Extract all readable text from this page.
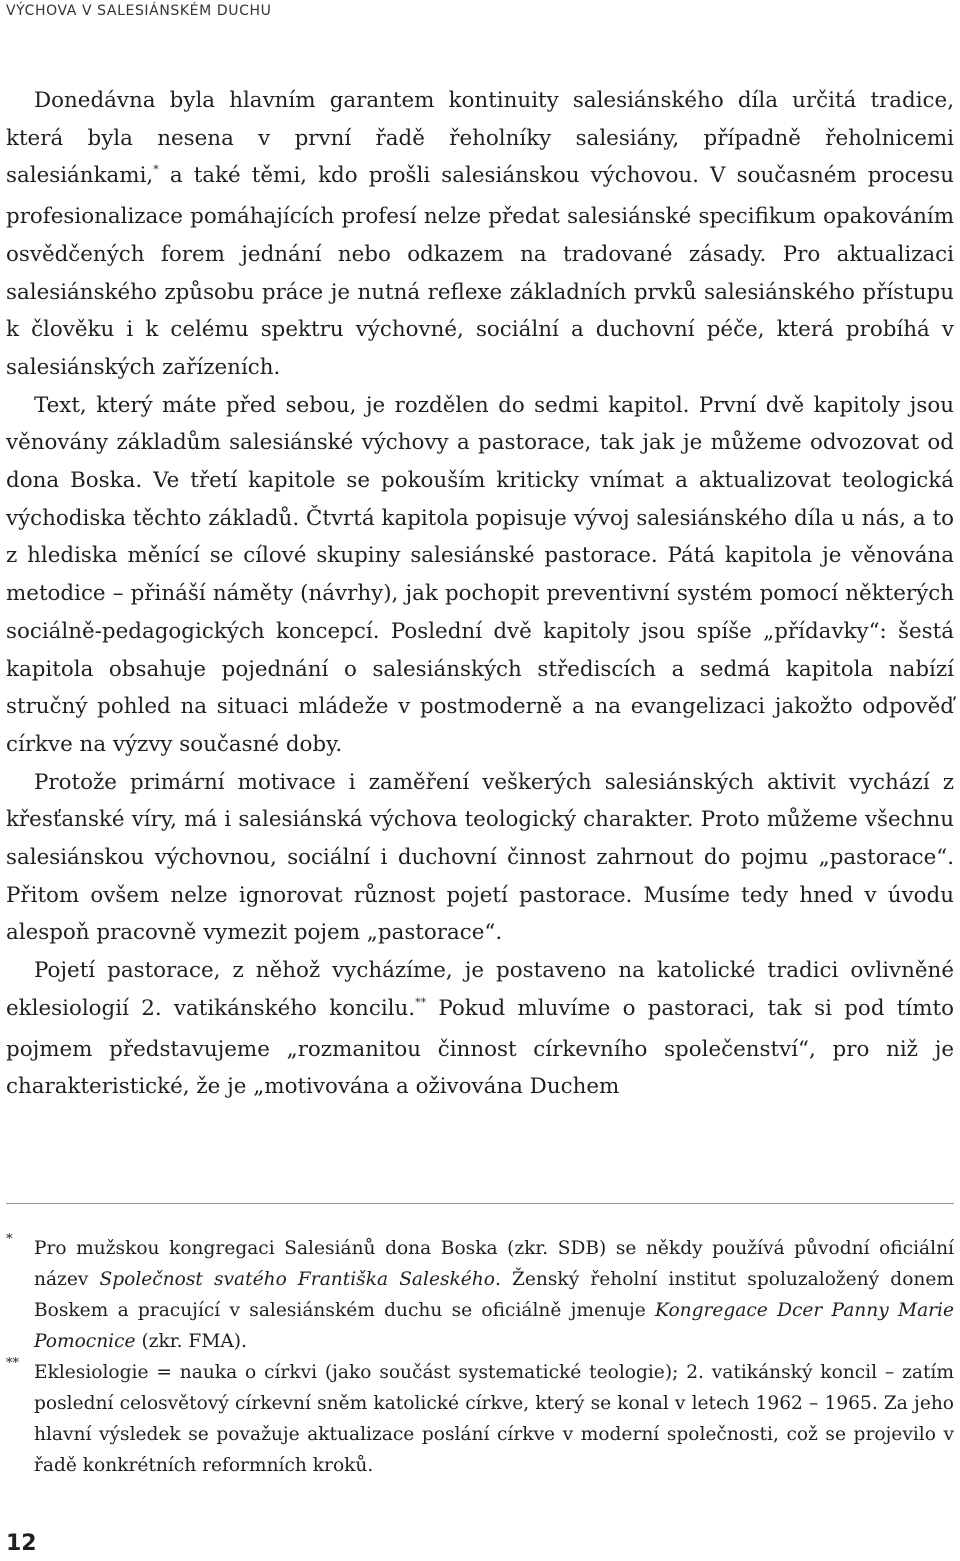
VÝCHOVA V SALESIÁNSKÉM DUCHU

Donedávna byla hlavním garantem kontinuity salesiánského díla určitá tradice, která byla nesena v první řadě řeholníky salesiány, případně řeholnicemi salesiánkami,* a také těmi, kdo prošli salesiánskou výchovou. V současném procesu profesionalizace pomáhajících profesí nelze předat salesiánské specifikum opakováním osvědčených forem jednání nebo odkazem na tradované zásady. Pro aktualizaci salesiánského způsobu práce je nutná reflexe základních prvků salesiánského přístupu k člověku i k celému spektru výchovné, sociální a duchovní péče, která probíhá v salesiánských zařízeních.

Text, který máte před sebou, je rozdělen do sedmi kapitol. První dvě kapitoly jsou věnovány základům salesiánské výchovy a pastorace, tak jak je můžeme odvozovat od dona Boska. Ve třetí kapitole se pokouším kriticky vnímat a aktualizovat teologická východiska těchto základů. Čtvrtá kapitola popisuje vývoj salesiánského díla u nás, a to z hlediska měnící se cílové skupiny salesiánské pastorace. Pátá kapitola je věnována metodice – přináší náměty (návrhy), jak pochopit preventivní systém pomocí některých sociálně-pedagogických koncepcí. Poslední dvě kapitoly jsou spíše „přídavky“: šestá kapitola obsahuje pojednání o salesiánských střediscích a sedmá kapitola nabízí stručný pohled na situaci mládeže v postmoderně a na evangelizaci jakožto odpověď církve na výzvy současné doby.

Protože primární motivace i zaměření veškerých salesiánských aktivit vychází z křesťanské víry, má i salesiánská výchova teologický charakter. Proto můžeme všechnu salesiánskou výchovnou, sociální i duchovní činnost zahrnout do pojmu „pastorace“. Přitom ovšem nelze ignorovat různost pojetí pastorace. Musíme tedy hned v úvodu alespoň pracovně vymezit pojem „pastorace“.

Pojetí pastorace, z něhož vycházíme, je postaveno na katolické tradici ovlivněné eklesiologií 2. vatikánského koncilu.** Pokud mluvíme o pastoraci, tak si pod tímto pojmem představujeme „rozmanitou činnost církevního společenství“, pro niž je charakteristické, že je „motivována a oživována Duchem

* Pro mužskou kongregaci Salesiánů dona Boska (zkr. SDB) se někdy používá původní oficiální název Společnost svatého Františka Saleského. Ženský řeholní institut spoluzaložený donem Boskem a pracující v salesiánském duchu se oficiálně jmenuje Kongregace Dcer Panny Marie Pomocnice (zkr. FMA).

** Eklesiologie = nauka o církvi (jako součást systematické teologie); 2. vatikánský koncil – zatím poslední celosvětový církevní sněm katolické církve, který se konal v letech 1962 – 1965. Za jeho hlavní výsledek se považuje aktualizace poslání církve v moderní společnosti, což se projevilo v řadě konkrétních reformních kroků.

12
